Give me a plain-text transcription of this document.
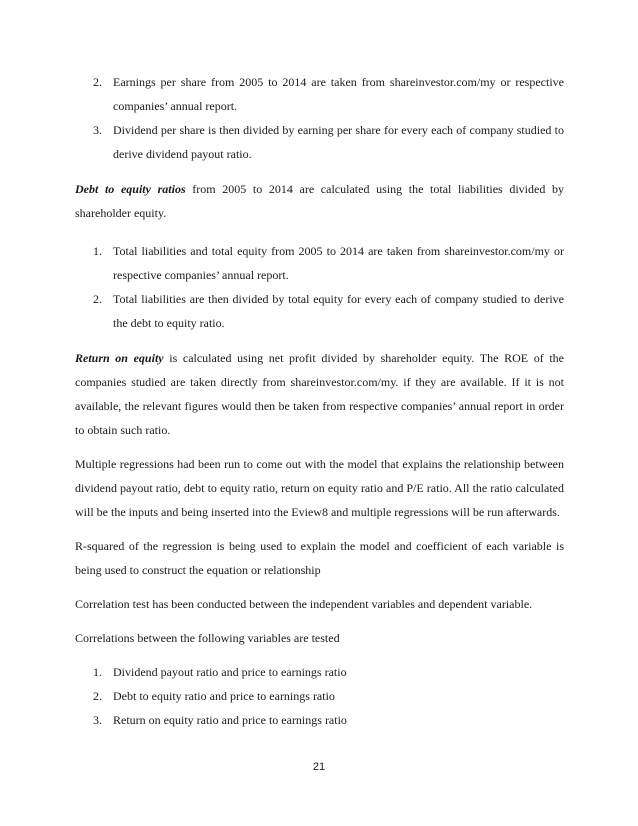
2. Earnings per share from 2005 to 2014 are taken from shareinvestor.com/my or respective companies’ annual report.
3. Dividend per share is then divided by earning per share for every each of company studied to derive dividend payout ratio.

Debt to equity ratios from 2005 to 2014 are calculated using the total liabilities divided by shareholder equity.

1. Total liabilities and total equity from 2005 to 2014 are taken from shareinvestor.com/my or respective companies’ annual report.
2. Total liabilities are then divided by total equity for every each of company studied to derive the debt to equity ratio.

Return on equity is calculated using net profit divided by shareholder equity. The ROE of the companies studied are taken directly from shareinvestor.com/my. if they are available. If it is not available, the relevant figures would then be taken from respective companies’ annual report in order to obtain such ratio.

Multiple regressions had been run to come out with the model that explains the relationship between dividend payout ratio, debt to equity ratio, return on equity ratio and P/E ratio. All the ratio calculated will be the inputs and being inserted into the Eview8 and multiple regressions will be run afterwards.

R-squared of the regression is being used to explain the model and coefficient of each variable is being used to construct the equation or relationship

Correlation test has been conducted between the independent variables and dependent variable.

Correlations between the following variables are tested

1. Dividend payout ratio and price to earnings ratio
2. Debt to equity ratio and price to earnings ratio
3. Return on equity ratio and price to earnings ratio
21
